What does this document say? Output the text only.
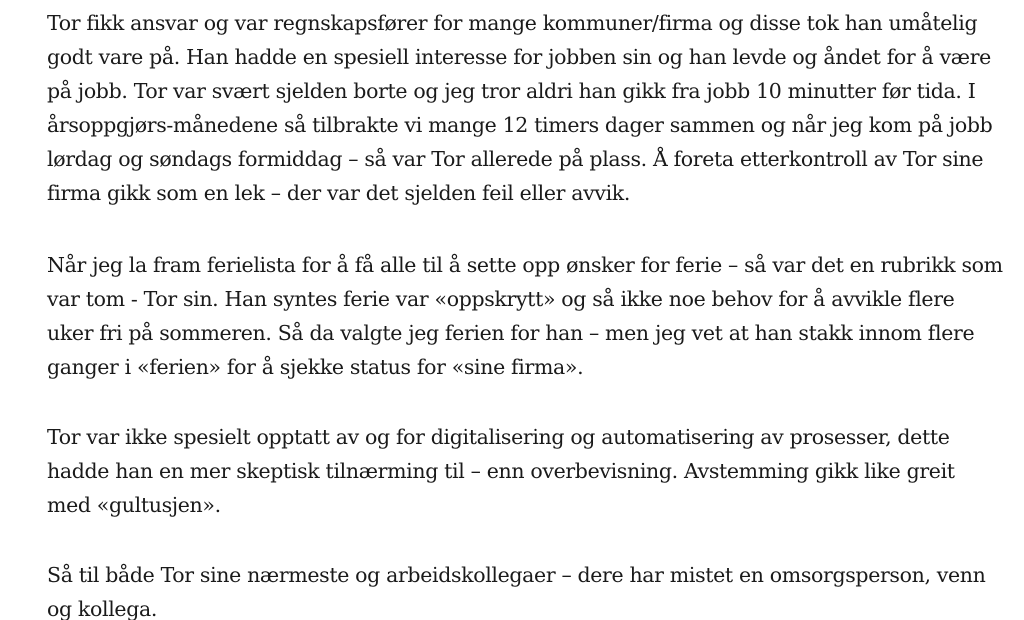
Tor fikk ansvar og var regnskapsfører for mange kommuner/firma og disse tok han umåtelig
godt vare på. Han hadde en spesiell interesse for jobben sin og han levde og åndet for å være
på jobb. Tor var svært sjelden borte og jeg tror aldri han gikk fra jobb 10 minutter før tida. I
årsoppgjørs-månedene så tilbrakte vi mange 12 timers dager sammen og når jeg kom på jobb
lørdag og søndags formiddag – så var Tor allerede på plass. Å foreta etterkontroll av Tor sine
firma gikk som en lek – der var det sjelden feil eller avvik.

Når jeg la fram ferielista for å få alle til å sette opp ønsker for ferie – så var det en rubrikk som
var tom - Tor sin. Han syntes ferie var «oppskrytt» og så ikke noe behov for å avvikle flere
uker fri på sommeren. Så da valgte jeg ferien for han – men jeg vet at han stakk innom flere
ganger i «ferien» for å sjekke status for «sine firma».

Tor var ikke spesielt opptatt av og for digitalisering og automatisering av prosesser, dette
hadde han en mer skeptisk tilnærming til – enn overbevisning. Avstemming gikk like greit
med «gultusjen».

Så til både Tor sine nærmeste og arbeidskollegaer – dere har mistet en omsorgsperson, venn
og kollega.
